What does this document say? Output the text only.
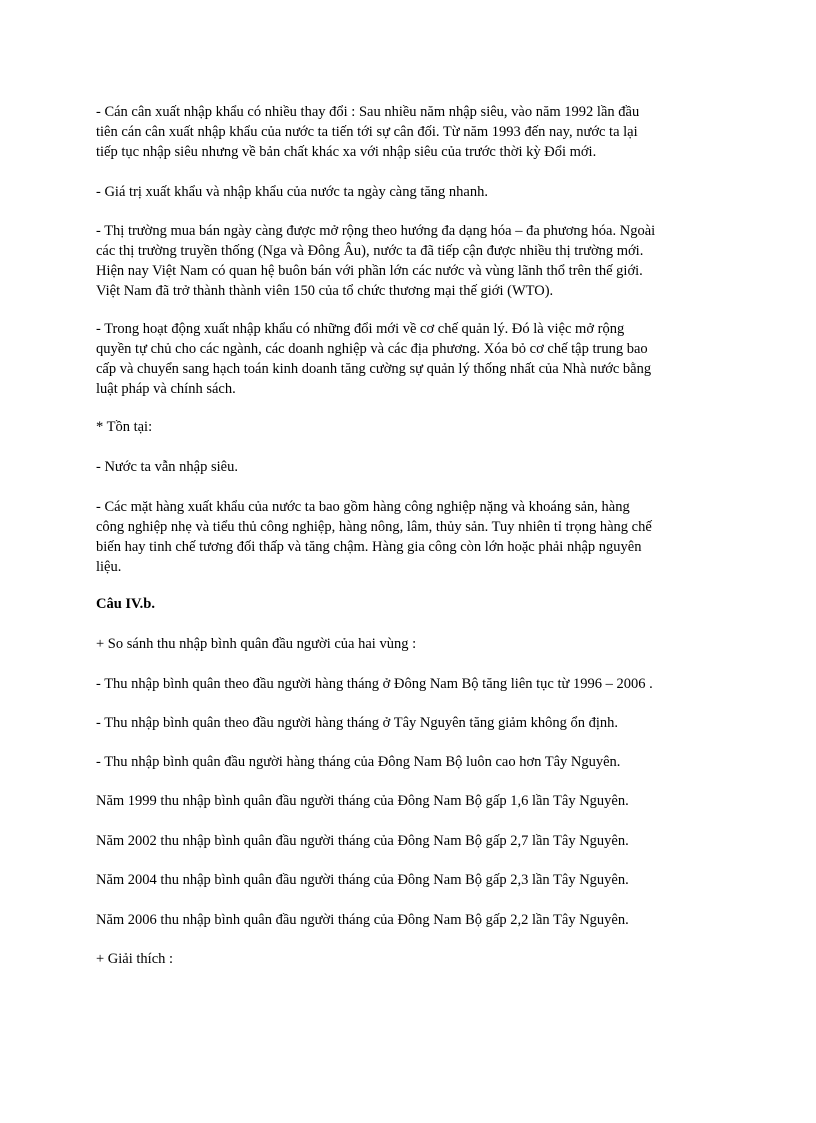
- Cán cân xuất nhập khẩu có nhiều thay đổi : Sau nhiều năm nhập siêu, vào năm 1992 lần đầu
tiên cán cân xuất nhập khẩu của nước ta tiến tới sự cân đối. Từ năm 1993 đến nay, nước ta lại
tiếp tục nhập siêu nhưng về bản chất khác xa với nhập siêu của trước thời kỳ Đổi mới.
- Giá trị xuất khẩu và nhập khẩu của nước ta ngày càng tăng nhanh.
- Thị trường mua bán ngày càng được mở rộng theo hướng đa dạng hóa – đa phương hóa. Ngoài
các thị trường truyền thống (Nga và Đông Âu), nước ta đã tiếp cận được nhiều thị trường mới.
Hiện nay Việt Nam có quan hệ buôn bán với phần lớn các nước và vùng lãnh thổ trên thế giới.
Việt Nam đã trở thành thành viên 150 của tổ chức thương mại thế giới (WTO).
- Trong hoạt động xuất nhập khẩu có những đổi mới về cơ chế quản lý. Đó là việc mở rộng
quyền tự chủ cho các ngành, các doanh nghiệp và các địa phương. Xóa bỏ cơ chế tập trung bao
cấp và chuyển sang hạch toán kinh doanh tăng cường sự quản lý thống nhất của Nhà nước bằng
luật pháp và chính sách.
* Tồn tại:
- Nước ta vẫn nhập siêu.
- Các mặt hàng xuất khẩu của nước ta bao gồm hàng công nghiệp nặng và khoáng sản, hàng
công nghiệp nhẹ và tiểu thủ công nghiệp, hàng nông, lâm, thủy sản. Tuy nhiên tỉ trọng hàng chế
biến hay tinh chế tương đối thấp và tăng chậm. Hàng gia công còn lớn hoặc phải nhập nguyên
liệu.
Câu IV.b.
+ So sánh thu nhập bình quân đầu người của hai vùng :
- Thu nhập bình quân theo đầu người hàng tháng ở Đông Nam Bộ tăng liên tục từ 1996 – 2006 .
- Thu nhập bình quân theo đầu người hàng tháng ở Tây Nguyên tăng giảm không ổn định.
- Thu nhập bình quân đầu người hàng tháng của Đông Nam Bộ luôn cao hơn Tây Nguyên.
Năm 1999 thu nhập bình quân đầu người tháng của Đông Nam Bộ gấp 1,6 lần Tây Nguyên.
Năm 2002 thu nhập bình quân đầu người tháng của Đông Nam Bộ gấp 2,7 lần Tây Nguyên.
Năm 2004 thu nhập bình quân đầu người tháng của Đông Nam Bộ gấp 2,3 lần Tây Nguyên.
Năm 2006 thu nhập bình quân đầu người tháng của Đông Nam Bộ gấp 2,2 lần Tây Nguyên.
+ Giải thích :
